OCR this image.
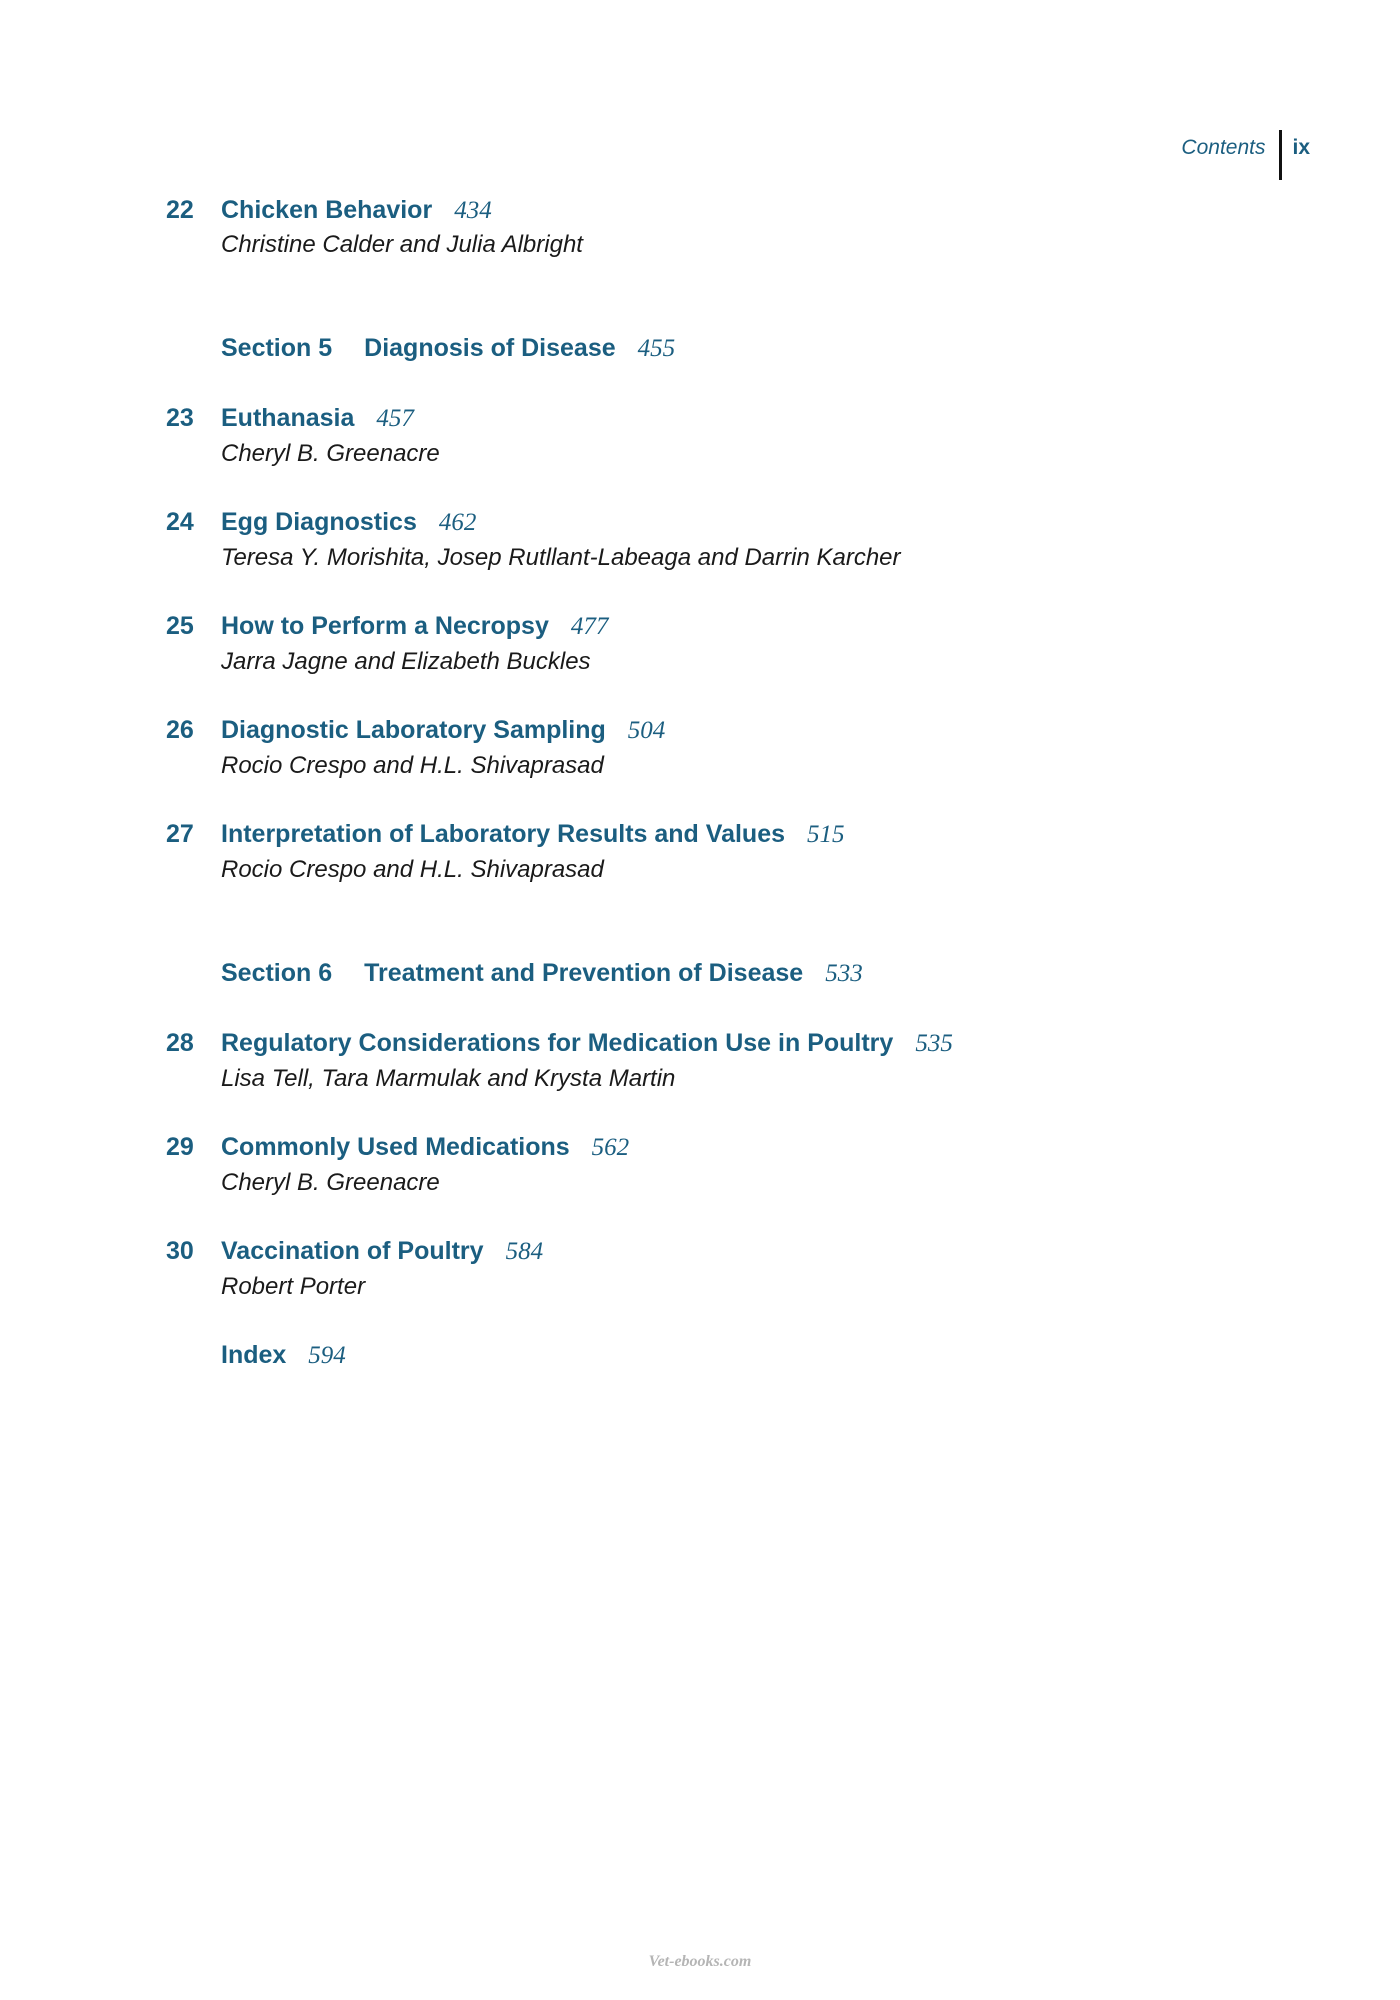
Contents	ix
22 Chicken Behavior 434
Christine Calder and Julia Albright
Section 5 Diagnosis of Disease 455
23 Euthanasia 457
Cheryl B. Greenacre
24 Egg Diagnostics 462
Teresa Y. Morishita, Josep Rutllant-Labeaga and Darrin Karcher
25 How to Perform a Necropsy 477
Jarra Jagne and Elizabeth Buckles
26 Diagnostic Laboratory Sampling 504
Rocio Crespo and H.L. Shivaprasad
27 Interpretation of Laboratory Results and Values 515
Rocio Crespo and H.L. Shivaprasad
Section 6 Treatment and Prevention of Disease 533
28 Regulatory Considerations for Medication Use in Poultry 535
Lisa Tell, Tara Marmulak and Krysta Martin
29 Commonly Used Medications 562
Cheryl B. Greenacre
30 Vaccination of Poultry 584
Robert Porter
Index 594
Vet-ebooks.com
